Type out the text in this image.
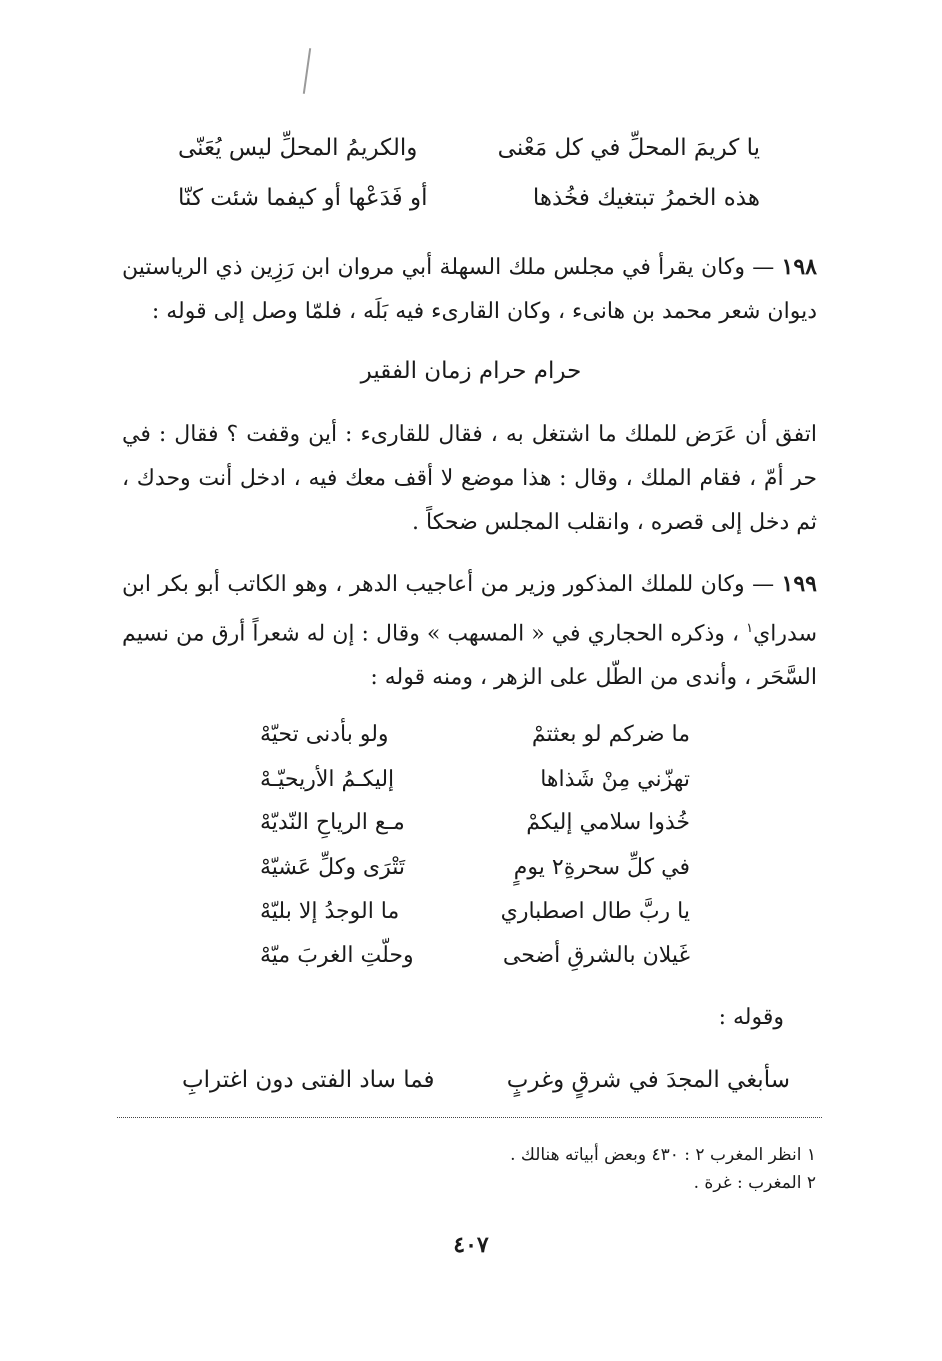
يا كريمَ المحلِّ في كل مَعْنى
والكريمُ المحلِّ ليس يُعَنّى
هذه الخمرُ تبتغيك فخُذها
أو فَدَعْها أو كيفما شئت كنّا
١٩٨ — وكان يقرأ في مجلس ملك السهلة أبي مروان ابن رَزِين ذي الرياستين ديوان شعر محمد بن هانىء ، وكان القارىء فيه بَلَه ، فلمّا وصل إلى قوله :
حرام حرام زمان الفقير
اتفق أن عَرَض للملك ما اشتغل به ، فقال للقارىء : أين وقفت ؟ فقال : في حر أمّ ، فقام الملك ، وقال : هذا موضع لا أقف معك فيه ، ادخل أنت وحدك ، ثم دخل إلى قصره ، وانقلب المجلس ضحكاً .
١٩٩ — وكان للملك المذكور وزير من أعاجيب الدهر ، وهو الكاتب أبو بكر ابن سدراي$^١$ ، وذكره الحجاري في « المسهب » وقال : إن له شعراً أرق من نسيم السَّحَر ، وأندى من الطّل على الزهر ، ومنه قوله :
ما ضركم لو بعثتمْ
ولو بأدنى تحيّهْ
تهزّني مِنْ شَذاها
إليكـمُ الأريحيّـهْ
خُذوا سلامي إليكمْ
مـع الرياحِ النّديّهْ
في كلِّ سحرةِ٢ يومٍ
تَتْرَى وكلِّ عَشيّهْ
يا ربَّ طال اصطباري
ما الوجدُ إلا بليّهْ
غَيلان بالشرقِ أضحى
وحلّتِ الغربَ ميّهْ
وقوله :
سأبغي المجدَ في شرقٍ وغربٍ
فما ساد الفتى دون اغترابِ
١ انظر المغرب ٢ : ٤٣٠ وبعض أبياته هنالك .
٢ المغرب : غرة .
٤٠٧
